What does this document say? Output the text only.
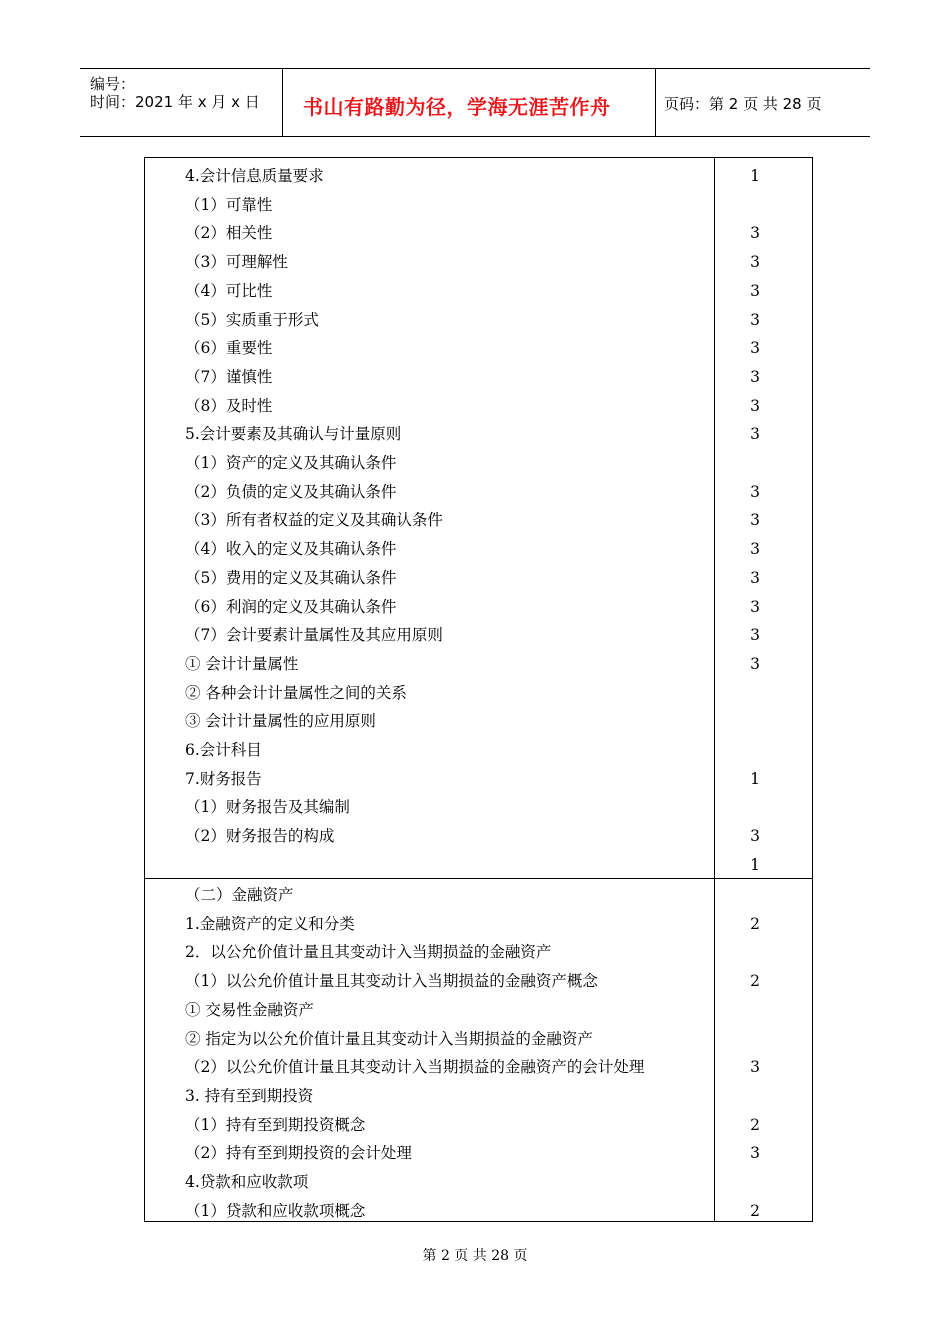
编号：
时间：2021 年 x 月 x 日 书山有路勤为径，学海无涯苦作舟	页码：第 2 页 共 28 页
4.会计信息质量要求	1
（1）可靠性
（2）相关性	3
（3）可理解性	3
（4）可比性	3
（5）实质重于形式	3
（6）重要性	3
（7）谨慎性	3
（8）及时性	3
5.会计要素及其确认与计量原则	3
（1）资产的定义及其确认条件
（2）负债的定义及其确认条件	3
（3）所有者权益的定义及其确认条件	3
（4）收入的定义及其确认条件	3
（5）费用的定义及其确认条件	3
（6）利润的定义及其确认条件	3
（7）会计要素计量属性及其应用原则	3
① 会计计量属性	3
② 各种会计计量属性之间的关系
③ 会计计量属性的应用原则
6.会计科目
7.财务报告	1
（1）财务报告及其编制
（2）财务报告的构成	3
1
（二）金融资产
1.金融资产的定义和分类	2
2．以公允价值计量且其变动计入当期损益的金融资产
（1）以公允价值计量且其变动计入当期损益的金融资产概念	2
① 交易性金融资产
② 指定为以公允价值计量且其变动计入当期损益的金融资产
（2）以公允价值计量且其变动计入当期损益的金融资产的会计处理	3
3. 持有至到期投资
（1）持有至到期投资概念	2
（2）持有至到期投资的会计处理	3
4.贷款和应收款项
（1）贷款和应收款项概念	2
第 2 页 共 28 页
